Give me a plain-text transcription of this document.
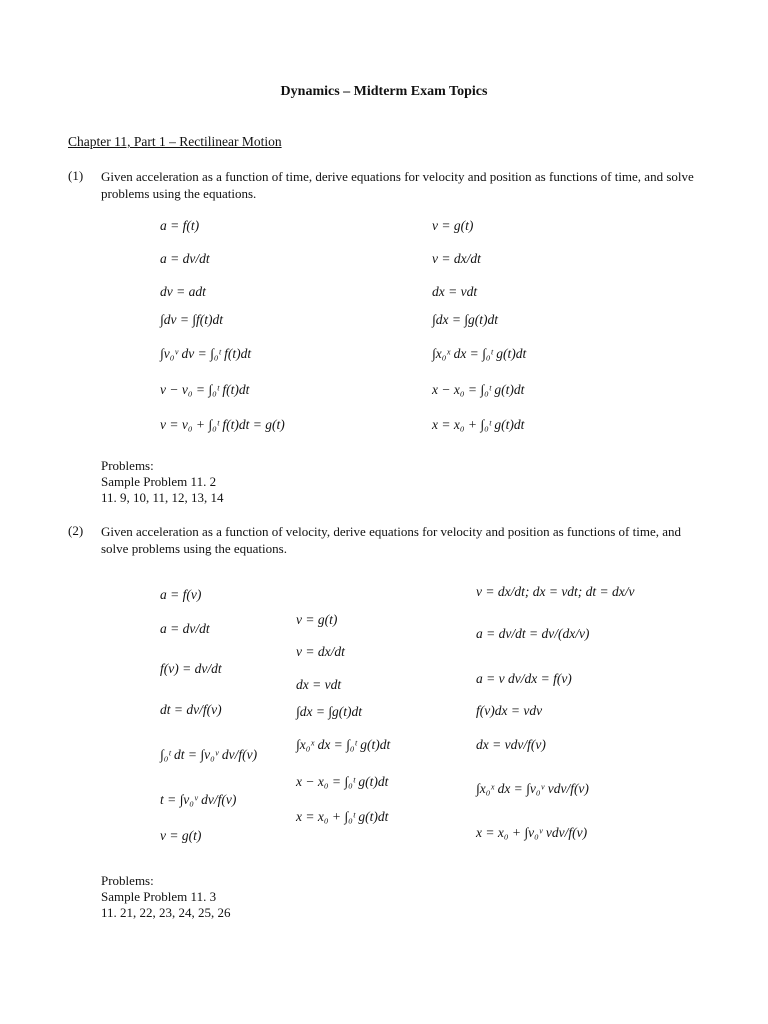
Dynamics – Midterm Exam Topics
Chapter 11, Part 1 – Rectilinear Motion
(1) Given acceleration as a function of time, derive equations for velocity and position as functions of time, and solve problems using the equations.
a = f(t)
a = dv/dt
dv = adt
∫dv = ∫f(t)dt
∫v₀ᵛ dv = ∫₀ᵗ f(t)dt
v − v₀ = ∫₀ᵗ f(t)dt
v = v₀ + ∫₀ᵗ f(t)dt = g(t)
v = g(t)
v = dx/dt
dx = vdt
∫dx = ∫g(t)dt
∫x₀ˣ dx = ∫₀ᵗ g(t)dt
x − x₀ = ∫₀ᵗ g(t)dt
x = x₀ + ∫₀ᵗ g(t)dt
Problems:
Sample Problem 11. 2
11. 9, 10, 11, 12, 13, 14
(2) Given acceleration as a function of velocity, derive equations for velocity and position as functions of time, and solve problems using the equations.
a = f(v)
a = dv/dt
f(v) = dv/dt
dt = dv/f(v)
∫₀ᵗ dt = ∫v₀ᵛ dv/f(v)
t = ∫v₀ᵛ dv/f(v)
v = g(t)
v = g(t)
v = dx/dt
dx = vdt
∫dx = ∫g(t)dt
∫x₀ˣ dx = ∫₀ᵗ g(t)dt
x − x₀ = ∫₀ᵗ g(t)dt
x = x₀ + ∫₀ᵗ g(t)dt
v = dx/dt; dx = vdt; dt = dx/v
a = dv/dt = dv/(dx/v)
a = v dv/dx = f(v)
f(v)dx = vdv
dx = vdv/f(v)
∫x₀ˣ dx = ∫v₀ᵛ vdv/f(v)
x = x₀ + ∫v₀ᵛ vdv/f(v)
Problems:
Sample Problem 11. 3
11. 21, 22, 23, 24, 25, 26
